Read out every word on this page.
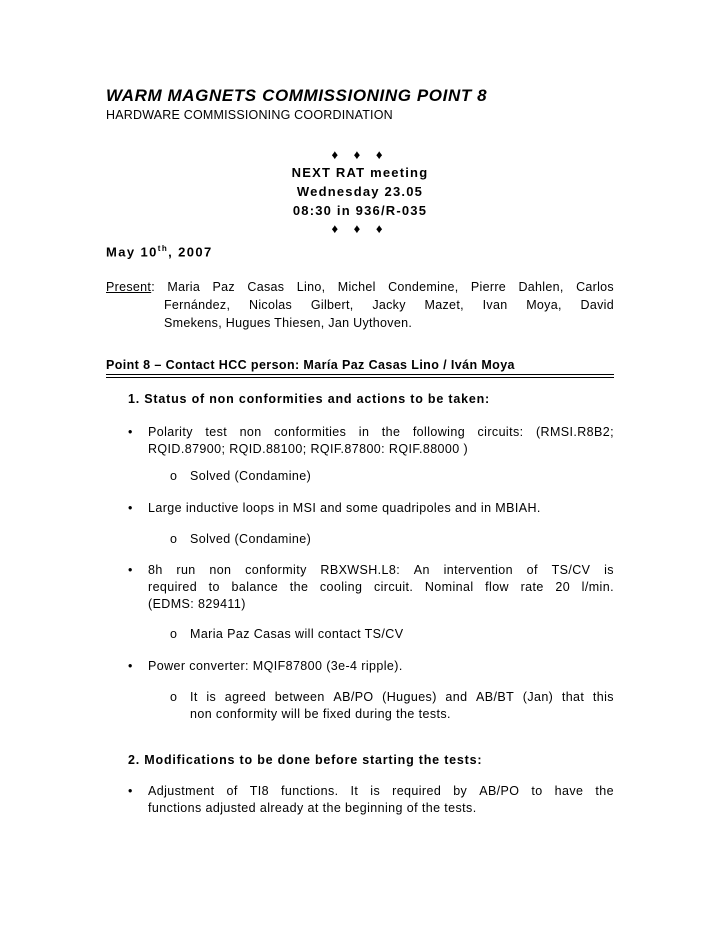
WARM MAGNETS COMMISSIONING POINT 8
HARDWARE COMMISSIONING COORDINATION
♦ ♦ ♦
NEXT RAT meeting
Wednesday 23.05
08:30 in 936/R-035
♦ ♦ ♦
May 10th, 2007
Present: Maria Paz Casas Lino, Michel Condemine, Pierre Dahlen, Carlos
Fernández, Nicolas Gilbert, Jacky Mazet, Ivan Moya, David
Smekens, Hugues Thiesen, Jan Uythoven.
Point 8 – Contact HCC person: María Paz Casas Lino / Iván Moya
1. Status of non conformities and actions to be taken:
• Polarity test non conformities in the following circuits: (RMSI.R8B2;
RQID.87900; RQID.88100; RQIF.87800: RQIF.88000 )
o Solved (Condamine)
• Large inductive loops in MSI and some quadripoles and in MBIAH.
o Solved (Condamine)
• 8h run non conformity RBXWSH.L8: An intervention of TS/CV is
required to balance the cooling circuit. Nominal flow rate 20 l/min.
(EDMS: 829411)
o Maria Paz Casas will contact TS/CV
• Power converter: MQIF87800 (3e-4 ripple).
o It is agreed between AB/PO (Hugues) and AB/BT (Jan) that this
non conformity will be fixed during the tests.
2. Modifications to be done before starting the tests:
• Adjustment of TI8 functions. It is required by AB/PO to have the
functions adjusted already at the beginning of the tests.
